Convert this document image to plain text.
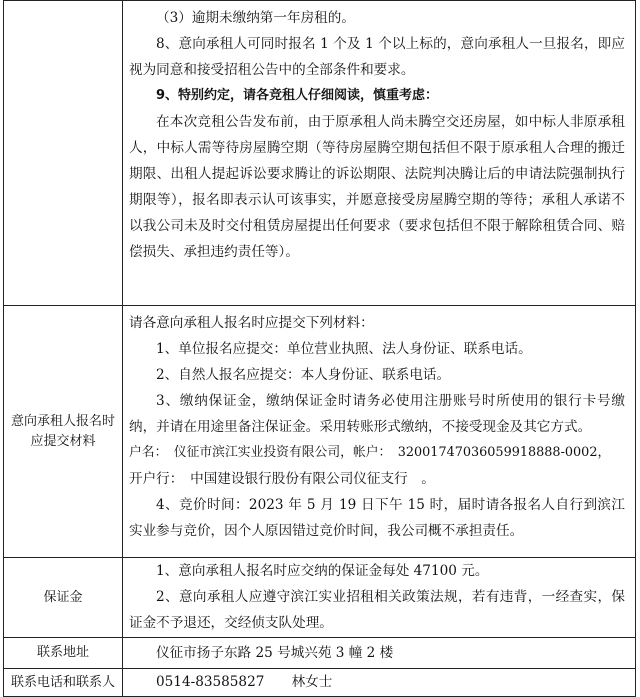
（3）逾期未缴纳第一年房租的。

8、意向承租人可同时报名 1 个及 1 个以上标的，意向承租人一旦报名，即应视为同意和接受招租公告中的全部条件和要求。

9、特别约定，请各竞租人仔细阅读，慎重考虑：

在本次竞租公告发布前，由于原承租人尚未腾空交还房屋，如中标人非原承租人，中标人需等待房屋腾空期（等待房屋腾空期包括但不限于原承租人合理的搬迁期限、出租人提起诉讼要求腾让的诉讼期限、法院判决腾让后的申请法院强制执行期限等），报名即表示认可该事实，并愿意接受房屋腾空期的等待；承租人承诺不以我公司未及时交付租赁房屋提出任何要求（要求包括但不限于解除租赁合同、赔偿损失、承担违约责任等）。

意向承租人报名时应提交材料

请各意向承租人报名时应提交下列材料：

1、单位报名应提交：单位营业执照、法人身份证、联系电话。

2、自然人报名应提交：本人身份证、联系电话。

3、缴纳保证金，缴纳保证金时请务必使用注册账号时所使用的银行卡号缴纳，并请在用途里备注保证金。采用转账形式缴纳，不接受现金及其它方式。

户名：　仪征市滨江实业投资有限公司，帐户：　32001747036059918888-0002，

开户行：　中国建设银行股份有限公司仪征支行　。

4、竞价时间：2023 年 5 月 19 日下午 15 时，届时请各报名人自行到滨江实业参与竞价，因个人原因错过竞价时间，我公司概不承担责任。

保证金

1、意向承租人报名时应交纳的保证金每处 47100 元。

2、意向承租人应遵守滨江实业招租相关政策法规，若有违背，一经查实，保证金不予退还，交经侦支队处理。

联系地址	仪征市扬子东路 25 号城兴苑 3 幢 2 楼

联系电话和联系人	0514-83585827　　林女士
